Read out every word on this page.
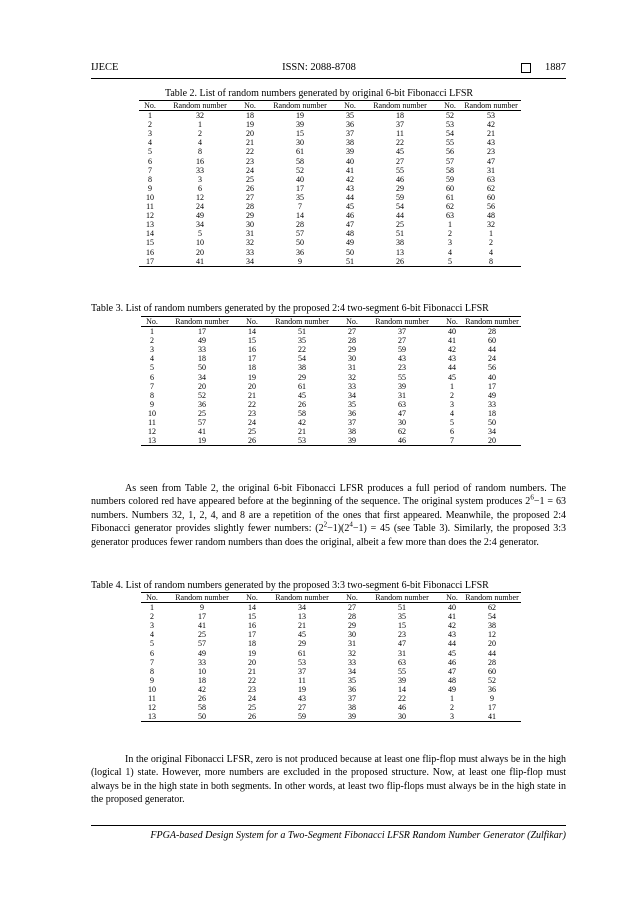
IJECE	ISSN: 2088-8708	1887
Table 2. List of random numbers generated by original 6-bit Fibonacci LFSR
No.	Random number	No.	Random number	No.	Random number	No.	Random number
1	32	18	19	35	18	52	53
2	1	19	39	36	37	53	42
3	2	20	15	37	11	54	21
4	4	21	30	38	22	55	43
5	8	22	61	39	45	56	23
6	16	23	58	40	27	57	47
7	33	24	52	41	55	58	31
8	3	25	40	42	46	59	63
9	6	26	17	43	29	60	62
10	12	27	35	44	59	61	60
11	24	28	7	45	54	62	56
12	49	29	14	46	44	63	48
13	34	30	28	47	25	1	32
14	5	31	57	48	51	2	1
15	10	32	50	49	38	3	2
16	20	33	36	50	13	4	4
17	41	34	9	51	26	5	8
Table 3. List of random numbers generated by the proposed 2:4 two-segment 6-bit Fibonacci LFSR
No.	Random number	No.	Random number	No.	Random number	No.	Random number
1	17	14	51	27	37	40	28
2	49	15	35	28	27	41	60
3	33	16	22	29	59	42	44
4	18	17	54	30	43	43	24
5	50	18	38	31	23	44	56
6	34	19	29	32	55	45	40
7	20	20	61	33	39	1	17
8	52	21	45	34	31	2	49
9	36	22	26	35	63	3	33
10	25	23	58	36	47	4	18
11	57	24	42	37	30	5	50
12	41	25	21	38	62	6	34
13	19	26	53	39	46	7	20

As seen from Table 2, the original 6-bit Fibonacci LFSR produces a full period of random numbers. The numbers colored red have appeared before at the beginning of the sequence. The original system produces $2^6-1 = 63$ numbers. Numbers 32, 1, 2, 4, and 8 are a repetition of the ones that first appeared. Meanwhile, the proposed 2:4 Fibonacci generator provides slightly fewer numbers: $(2^2-1)(2^4-1) = 45$ (see Table 3). Similarly, the proposed 3:3 generator produces fewer random numbers than does the original, albeit a few more than does the 2:4 generator.

Table 4. List of random numbers generated by the proposed 3:3 two-segment 6-bit Fibonacci LFSR
No.	Random number	No.	Random number	No.	Random number	No.	Random number
1	9	14	34	27	51	40	62
2	17	15	13	28	35	41	54
3	41	16	21	29	15	42	38
4	25	17	45	30	23	43	12
5	57	18	29	31	47	44	20
6	49	19	61	32	31	45	44
7	33	20	53	33	63	46	28
8	10	21	37	34	55	47	60
9	18	22	11	35	39	48	52
10	42	23	19	36	14	49	36
11	26	24	43	37	22	1	9
12	58	25	27	38	46	2	17
13	50	26	59	39	30	3	41

In the original Fibonacci LFSR, zero is not produced because at least one flip-flop must always be in the high (logical 1) state. However, more numbers are excluded in the proposed structure. Now, at least one flip-flop must always be in the high state in both segments. In other words, at least two flip-flops must always be in the high state in the proposed generator.

FPGA-based Design System for a Two-Segment Fibonacci LFSR Random Number Generator (Zulfikar)
